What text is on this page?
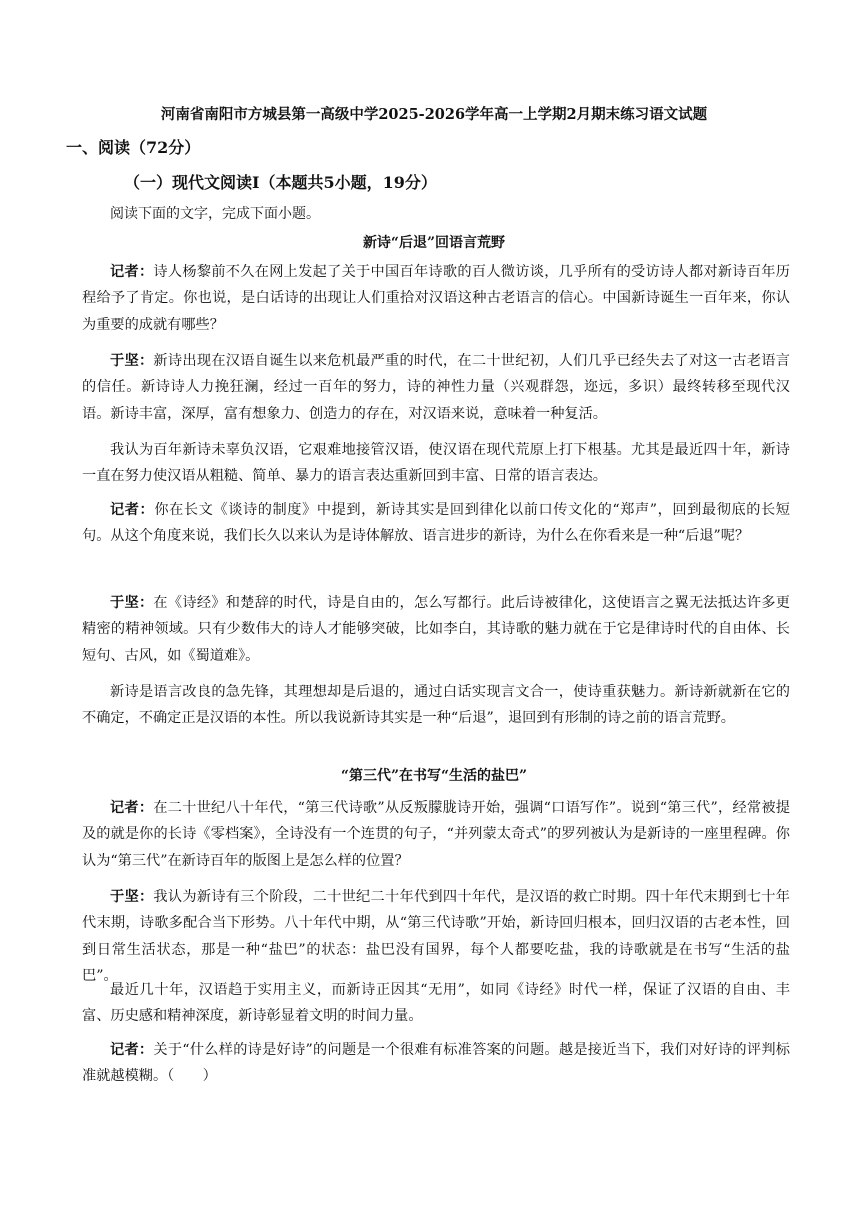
河南省南阳市方城县第一高级中学2025-2026学年高一上学期2月期末练习语文试题
一、阅读（72分）
（一）现代文阅读I（本题共5小题，19分）
阅读下面的文字，完成下面小题。
新诗“后退”回语言荒野

记者：诗人杨黎前不久在网上发起了关于中国百年诗歌的百人微访谈，几乎所有的受访诗人都对新诗百年历程给予了肯定。你也说，是白话诗的出现让人们重拾对汉语这种古老语言的信心。中国新诗诞生一百年来，你认为重要的成就有哪些？

于坚：新诗出现在汉语自诞生以来危机最严重的时代，在二十世纪初，人们几乎已经失去了对这一古老语言的信任。新诗诗人力挽狂澜，经过一百年的努力，诗的神性力量（兴观群怨，迩远，多识）最终转移至现代汉语。新诗丰富，深厚，富有想象力、创造力的存在，对汉语来说，意味着一种复活。

我认为百年新诗未辜负汉语，它艰难地接管汉语，使汉语在现代荒原上打下根基。尤其是最近四十年，新诗一直在努力使汉语从粗糙、简单、暴力的语言表达重新回到丰富、日常的语言表达。

记者：你在长文《谈诗的制度》中提到，新诗其实是回到律化以前口传文化的“郑声”，回到最彻底的长短句。从这个角度来说，我们长久以来认为是诗体解放、语言进步的新诗，为什么在你看来是一种“后退”呢？

于坚：在《诗经》和楚辞的时代，诗是自由的，怎么写都行。此后诗被律化，这使语言之翼无法抵达许多更精密的精神领域。只有少数伟大的诗人才能够突破，比如李白，其诗歌的魅力就在于它是律诗时代的自由体、长短句、古风，如《蜀道难》。

新诗是语言改良的急先锋，其理想却是后退的，通过白话实现言文合一，使诗重获魅力。新诗新就新在它的不确定，不确定正是汉语的本性。所以我说新诗其实是一种“后退”，退回到有形制的诗之前的语言荒野。

“第三代”在书写“生活的盐巴”

记者：在二十世纪八十年代，“第三代诗歌”从反叛朦胧诗开始，强调“口语写作”。说到“第三代”，经常被提及的就是你的长诗《零档案》，全诗没有一个连贯的句子，“并列蒙太奇式”的罗列被认为是新诗的一座里程碑。你认为“第三代”在新诗百年的版图上是怎么样的位置？

于坚：我认为新诗有三个阶段，二十世纪二十年代到四十年代，是汉语的救亡时期。四十年代末期到七十年代末期，诗歌多配合当下形势。八十年代中期，从“第三代诗歌”开始，新诗回归根本，回归汉语的古老本性，回到日常生活状态，那是一种“盐巴”的状态：盐巴没有国界，每个人都要吃盐，我的诗歌就是在书写“生活的盐巴”。

最近几十年，汉语趋于实用主义，而新诗正因其“无用”，如同《诗经》时代一样，保证了汉语的自由、丰富、历史感和精神深度，新诗彰显着文明的时间力量。

记者：关于“什么样的诗是好诗”的问题是一个很难有标准答案的问题。越是接近当下，我们对好诗的评判标准就越模糊。（　　）
